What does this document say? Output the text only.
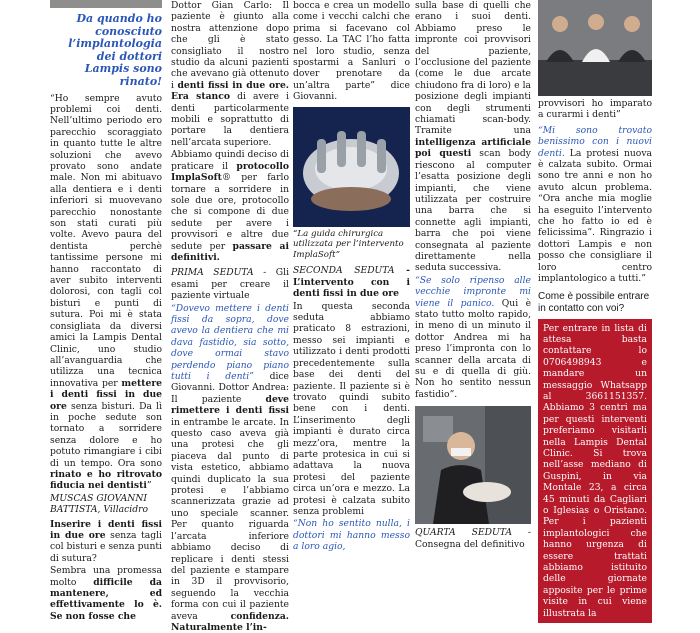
Da quando ho conosciuto l’implantologia dei dottori Lampis sono rinato!

“Ho sempre avuto problemi coi denti. Nell’ultimo periodo ero parecchio scoraggiato in quanto tutte le altre soluzioni che avevo provato sono andate male. Non mi abituavo alla dentiera e i denti inferiori si muovevano parecchio nonostante son stati curati più volte. Avevo paura del dentista perchè tantissime persone mi hanno raccontato di aver subito interventi dolorosi, con tagli col bisturi e punti di sutura. Poi mi è stata consigliata da diversi amici la Lampis Dental Clinic, uno studio all’avanguardia che utilizza una tecnica innovativa per mettere i denti fissi in due ore senza bisturi. Da lì in poche sedute son tornato a sorridere senza dolore e ho potuto rimangiare i cibi di un tempo. Ora sono rinato e ho ritrovato fiducia nei dentisti”

MUSCAS GIOVANNI BATTISTA, Villacidro

Inserire i denti fissi in due ore senza tagli col bisturi e senza punti di sutura?

Sembra una promessa molto difficile da mantenere, ed effettivamente lo è. Se non fosse che

Dottor Gian Carlo: Il paziente è giunto alla nostra attenzione dopo che gli è stato consigliato il nostro studio da alcuni pazienti che avevano già ottenuto i denti fissi in due ore. Era stanco di avere i denti particolarmente mobili e soprattutto di portare la dentiera nell’arcata superiore.

Abbiamo quindi deciso di praticare il protocollo ImplaSoft® per farlo tornare a sorridere in sole due ore, protocollo che si compone di due sedute per avere i provvisori e altre due sedute per passare ai definitivi.

PRIMA SEDUTA - Gli esami per creare il paziente virtuale

“Dovevo mettere i denti fissi da sopra, dove avevo la dentiera che mi dava fastidio, sia sotto, dove ormai stavo perdendo piano piano tutti i denti” dice Giovanni. Dottor Andrea: Il paziente	deve rimettere i denti fissi in entrambe le arcate. In questo caso aveva già una protesi che gli piaceva dal punto di vista estetico, abbiamo quindi duplicato la sua protesi e l’abbiamo scannerizzata grazie ad uno speciale scanner. Per quanto riguarda l’arcata inferiore abbiamo deciso di replicare i denti stessi del paziente e stampare in 3D il provvisorio, seguendo la vecchia forma con cui il paziente aveva	confidenza. Naturalmente l’in-

bocca e crea un modello come i vecchi calchi che prima si facevano col gesso. La TAC l’ho fatta nel loro studio, senza spostarmi a Sanluri o dover prenotare da un’altra parte” dice Giovanni.

“La guida chirurgica utilizzata per l’intervento ImplaSoft”

SECONDA SEDUTA - L’intervento con i denti fissi in due ore

In questa seconda seduta abbiamo praticato 8 estrazioni, messo sei impianti e utilizzato i denti prodotti precedentemente sulla base dei denti del paziente. Il paziente si è trovato quindi subito bene con i denti. L’inserimento degli impianti è durato circa mezz’ora, mentre la parte protesica in cui si adattava la nuova protesi del paziente circa un’ora e mezzo. La protesi è calzata subito senza problemi

“Non ho sentito nulla, i dottori mi hanno messo a loro agio,

sulla base di quelli che erano i suoi denti. Abbiamo preso le impronte coi provvisori del paziente, l’occlusione del paziente (come le due arcate chiudono fra di loro) e la posizione degli impianti con degli strumenti chiamati scan-body. Tramite una intelligenza artificiale poi questi scan body riescono al computer l’esatta posizione degli impianti, che viene utilizzata per costruire una barra che si connette agli impianti, barra che poi viene consegnata al paziente direttamente nella seduta successiva.

“Se solo ripenso alle vecchie impronte mi viene il panico. Qui è stato tutto molto rapido, in meno di un minuto il dottor Andrea mi ha preso l’impronta con lo scanner della arcata di su e di quella di giù. Non ho sentito nessun fastidio”.

QUARTA SEDUTA - Consegna del definitivo

provvisori ho imparato a curarmi i denti”

“Mi sono trovato benissimo con i nuovi denti. La protesi nuova è calzata subito. Ormai sono tre anni e non ho avuto alcun problema. “Ora anche mia moglie ha eseguito l’intervento che ho fatto io ed è felicissima”. Ringrazio i dottori Lampis e non posso che consigliare il loro centro implantologico a tutti.”

Come è possibile entrare in contatto con voi?

Per entrare in lista di attesa basta contattare lo 0706498943 e mandare un messaggio Whatsapp al 3661151357. Abbiamo 3 centri ma per questi interventi preferiamo visitarli nella Lampis Dental Clinic. Si trova nell’asse mediano di Guspini, in via Montale 23, a circa 45 minuti da Cagliari o Iglesias o Oristano. Per i pazienti implantologici che hanno urgenza di essere trattati abbiamo istituito delle giornate apposite per le prime visite in cui viene illustrata la
